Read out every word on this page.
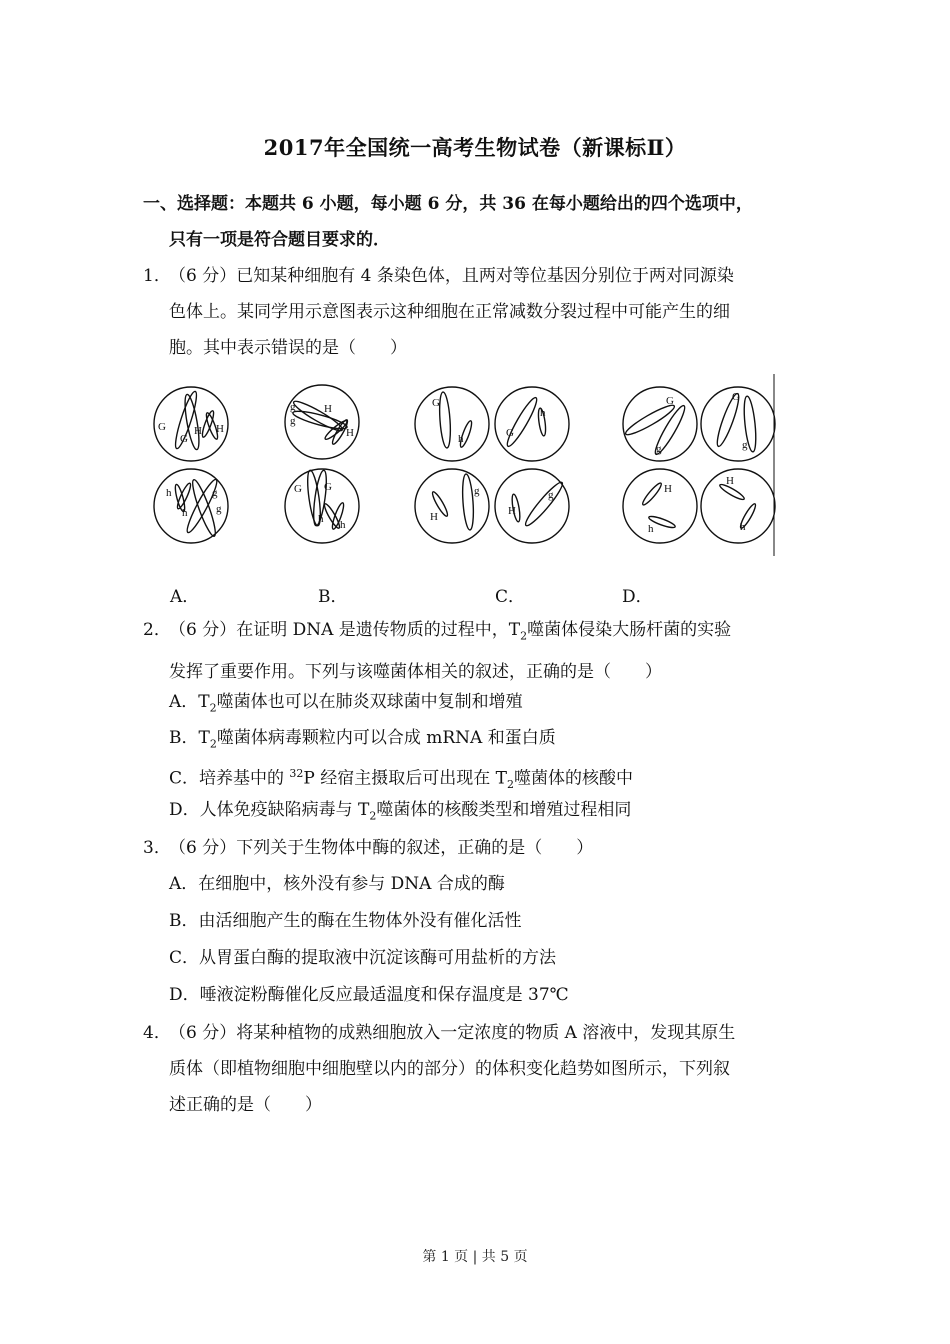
2017年全国统一高考生物试卷（新课标Ⅱ）
一、选择题：本题共 6 小题，每小题 6 分，共 36 在每小题给出的四个选项中，
只有一项是符合题目要求的．
1．（6 分）已知某种细胞有 4 条染色体，且两对等位基因分别位于两对同源染
色体上。某同学用示意图表示这种细胞在正常减数分裂过程中可能产生的细
胞。其中表示错误的是（　　）
G
G
H H
h
h
g
g
g
g
H
H
G G
h h
G
h	G
h
g
H
g
H
G
g
G
g
H
h
H
h
A．	B．	C．	D．
2．（6 分）在证明 DNA 是遗传物质的过程中，$T_2$噬菌体侵染大肠杆菌的实验
发挥了重要作用。下列与该噬菌体相关的叙述，正确的是（　　）
A．$T_2$噬菌体也可以在肺炎双球菌中复制和增殖
B．$T_2$噬菌体病毒颗粒内可以合成 mRNA 和蛋白质
C．培养基中的 $^{32}$P 经宿主摄取后可出现在 $T_2$噬菌体的核酸中
D．人体免疫缺陷病毒与 $T_2$噬菌体的核酸类型和增殖过程相同
3．（6 分）下列关于生物体中酶的叙述，正确的是（　　）
A．在细胞中，核外没有参与 DNA 合成的酶
B．由活细胞产生的酶在生物体外没有催化活性
C．从胃蛋白酶的提取液中沉淀该酶可用盐析的方法
D．唾液淀粉酶催化反应最适温度和保存温度是 37℃
4．（6 分）将某种植物的成熟细胞放入一定浓度的物质 A 溶液中，发现其原生
质体（即植物细胞中细胞壁以内的部分）的体积变化趋势如图所示，下列叙
述正确的是（　　）
第 1 页 | 共 5 页
